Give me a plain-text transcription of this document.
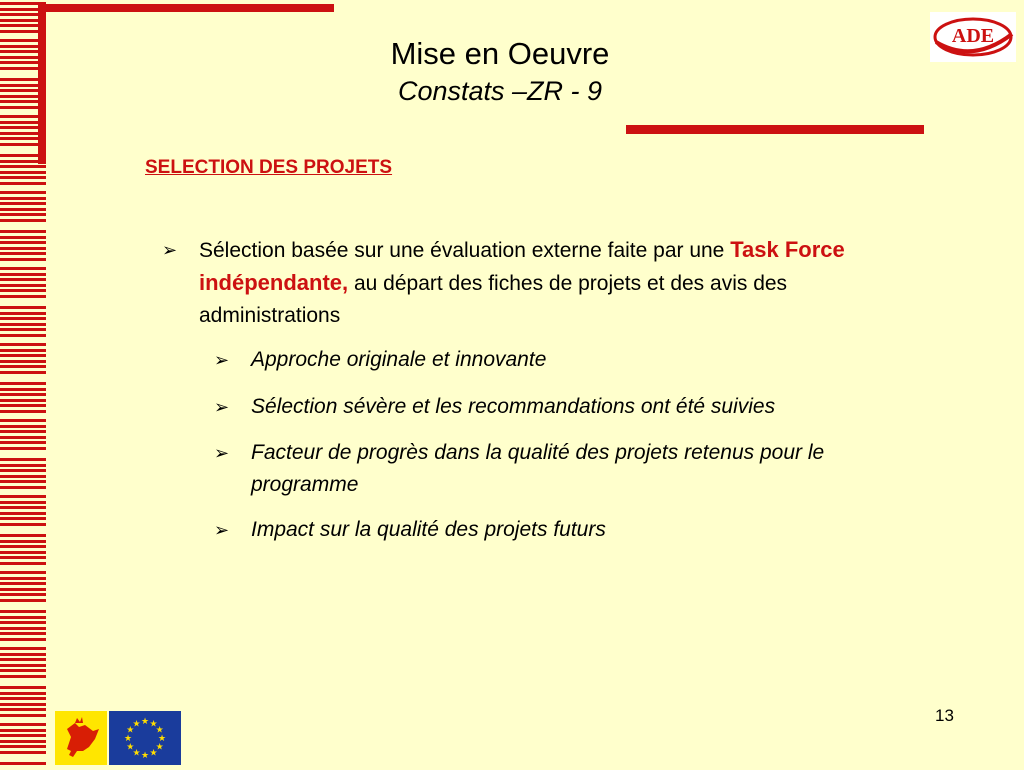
Mise en Oeuvre
Constats –ZR - 9
ADE
SELECTION DES PROJETS
➢ Sélection basée sur une évaluation externe faite par une Task Force indépendante, au départ des fiches de projets et des avis des administrations
➢ Approche originale et innovante
➢ Sélection sévère et les recommandations ont été suivies
➢ Facteur de progrès dans la qualité des projets retenus pour le programme
➢ Impact sur la qualité des projets futurs
★ ★
★
★
★
★
★
★
★
★
★
★	13
